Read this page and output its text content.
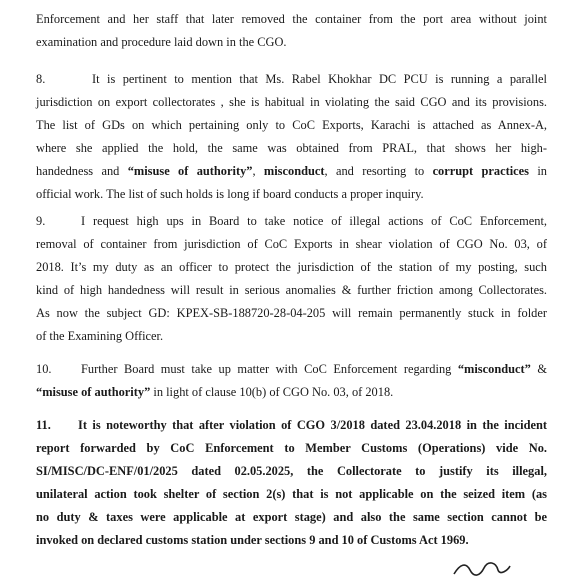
Enforcement and her staff that later removed the container from the port area without joint
examination and procedure laid down in the CGO.
8.	It is pertinent to mention that Ms. Rabel Khokhar DC PCU is running a parallel
jurisdiction on export collectorates , she is habitual in violating the said CGO and its provisions.
The list of GDs on which pertaining only to CoC Exports, Karachi is attached as Annex-A,
where she applied the hold, the same was obtained from PRAL, that shows her high-
handedness and “misuse of authority”, misconduct, and resorting to corrupt practices in
official work. The list of such holds is long if board conducts a proper inquiry.
9.	I request high ups in Board to take notice of illegal actions of CoC Enforcement,
removal of container from jurisdiction of CoC Exports in shear violation of CGO No. 03, of
2018. It’s my duty as an officer to protect the jurisdiction of the station of my posting, such
kind of high handedness will result in serious anomalies & further friction among Collectorates.
As now the subject GD: KPEX-SB-188720-28-04-205 will remain permanently stuck in folder
of the Examining Officer.
10. Further Board must take up matter with CoC Enforcement regarding “misconduct” &
“misuse of authority” in light of clause 10(b) of CGO No. 03, of 2018.
11. It is noteworthy that after violation of CGO 3/2018 dated 23.04.2018 in the incident
report forwarded by CoC Enforcement to Member Customs (Operations) vide No.
SI/MISC/DC-ENF/01/2025 dated 02.05.2025, the Collectorate to justify its illegal,
unilateral action took shelter of section 2(s) that is not applicable on the seized item (as
no duty & taxes were applicable at export stage) and also the same section cannot be
invoked on declared customs station under sections 9 and 10 of Customs Act 1969.
